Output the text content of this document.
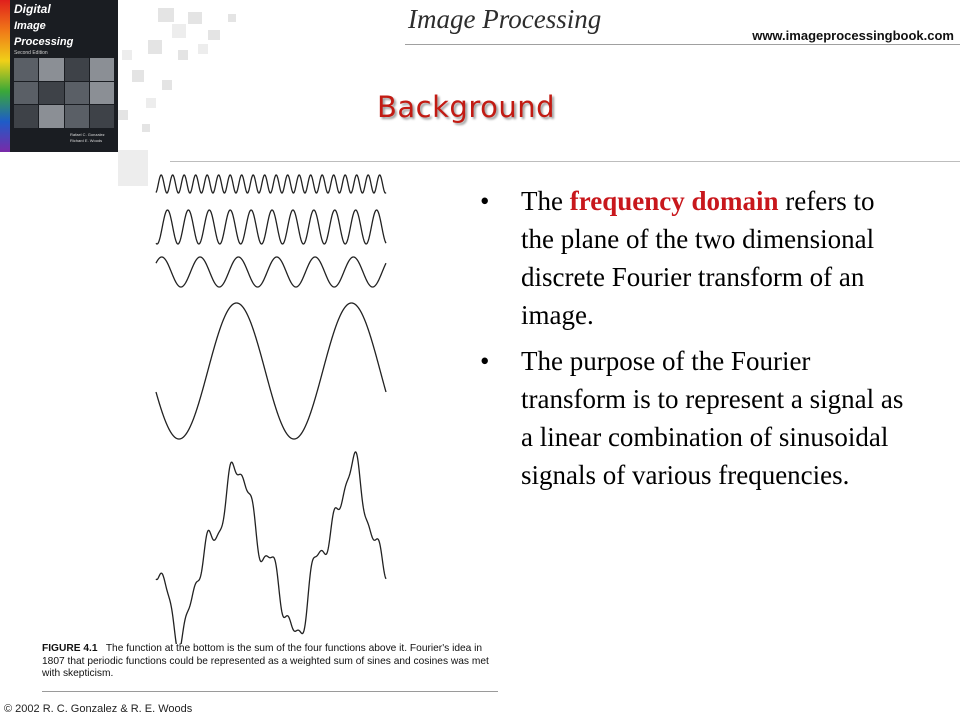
Digital
Image
Processing
Second Edition
Rafael C. Gonzalez
Richard E. Woods
Image Processing
www.imageprocessingbook.com
Background
FIGURE 4.1 The function at the bottom is the sum of the four functions above it. Fourier's idea in 1807 that periodic functions could be represented as a weighted sum of sines and cosines was met with skepticism.
• The frequency domain refers to the plane of the two dimensional discrete Fourier transform of an image.
• The purpose of the Fourier transform is to represent a signal as a linear combination of sinusoidal signals of various frequencies.
© 2002 R. C. Gonzalez & R. E. Woods
